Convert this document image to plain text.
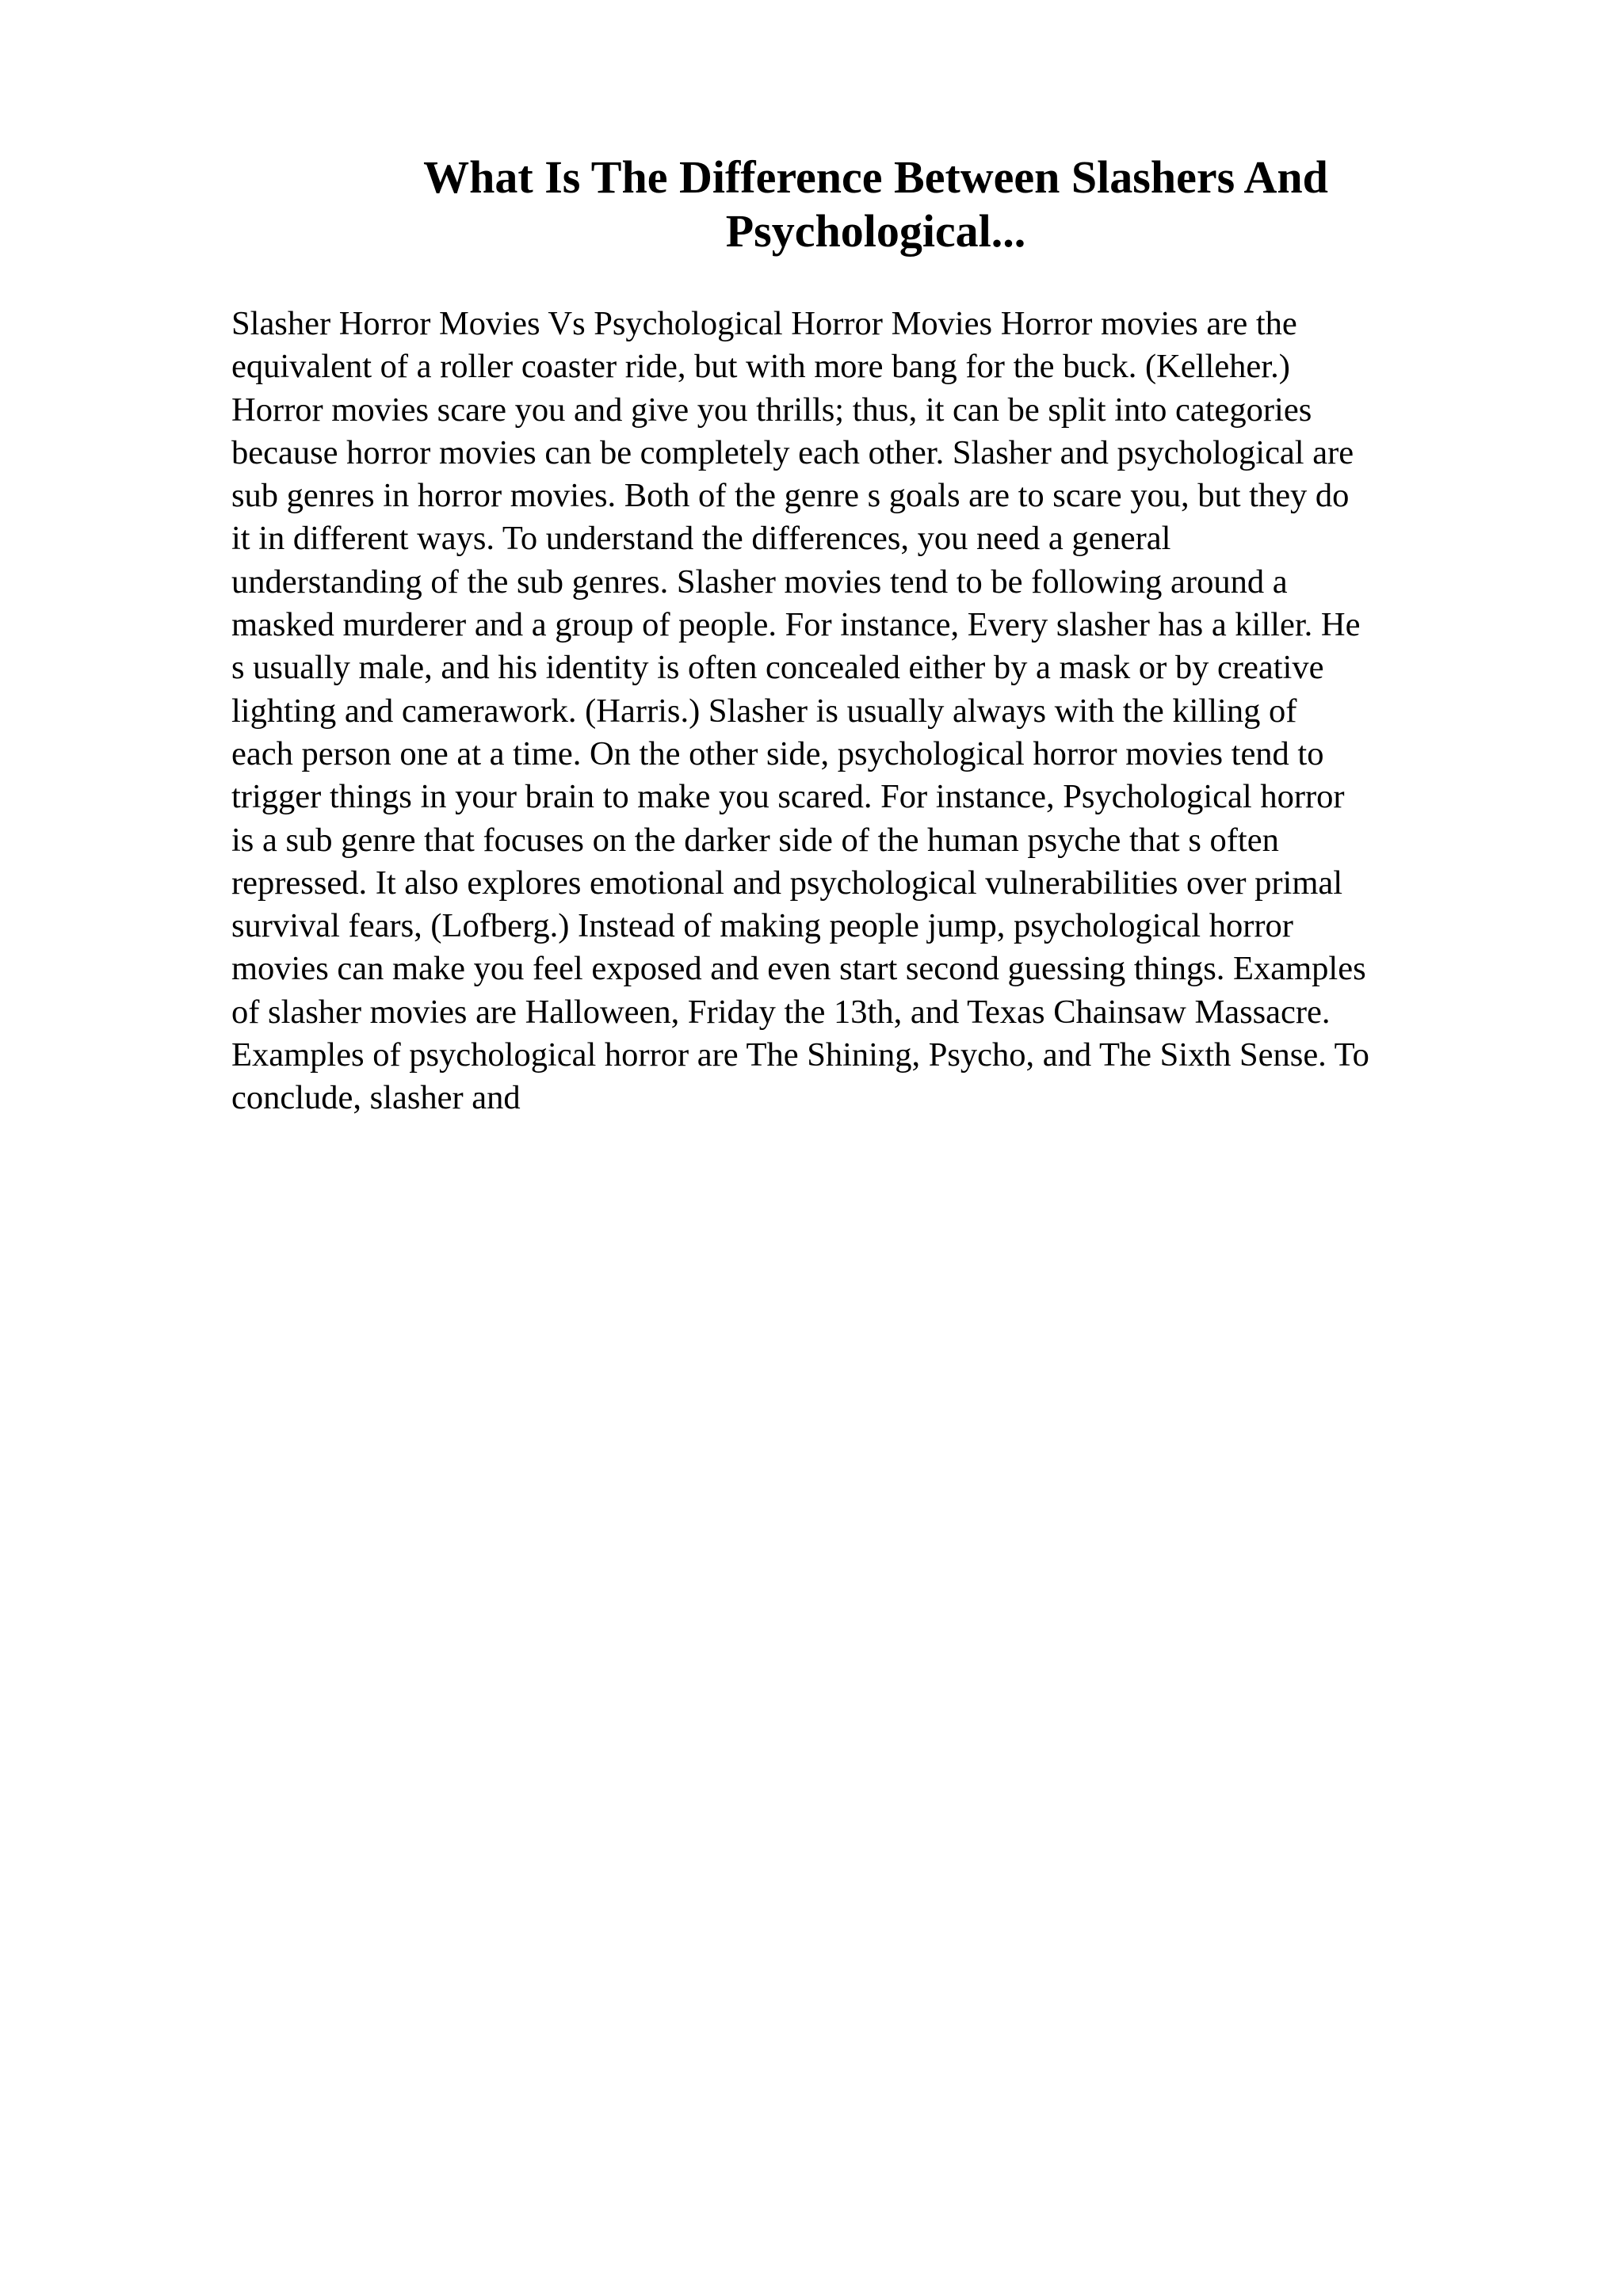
What Is The Difference Between Slashers And
Psychological...
Slasher Horror Movies Vs Psychological Horror Movies Horror movies are the
equivalent of a roller coaster ride, but with more bang for the buck. (Kelleher.)
Horror movies scare you and give you thrills; thus, it can be split into categories
because horror movies can be completely each other. Slasher and psychological are
sub genres in horror movies. Both of the genre s goals are to scare you, but they do
it in different ways. To understand the differences, you need a general
understanding of the sub genres. Slasher movies tend to be following around a
masked murderer and a group of people. For instance, Every slasher has a killer. He
s usually male, and his identity is often concealed either by a mask or by creative
lighting and camerawork. (Harris.) Slasher is usually always with the killing of
each person one at a time. On the other side, psychological horror movies tend to
trigger things in your brain to make you scared. For instance, Psychological horror
is a sub genre that focuses on the darker side of the human psyche that s often
repressed. It also explores emotional and psychological vulnerabilities over primal
survival fears, (Lofberg.) Instead of making people jump, psychological horror
movies can make you feel exposed and even start second guessing things. Examples
of slasher movies are Halloween, Friday the 13th, and Texas Chainsaw Massacre.
Examples of psychological horror are The Shining, Psycho, and The Sixth Sense. To
conclude, slasher and
